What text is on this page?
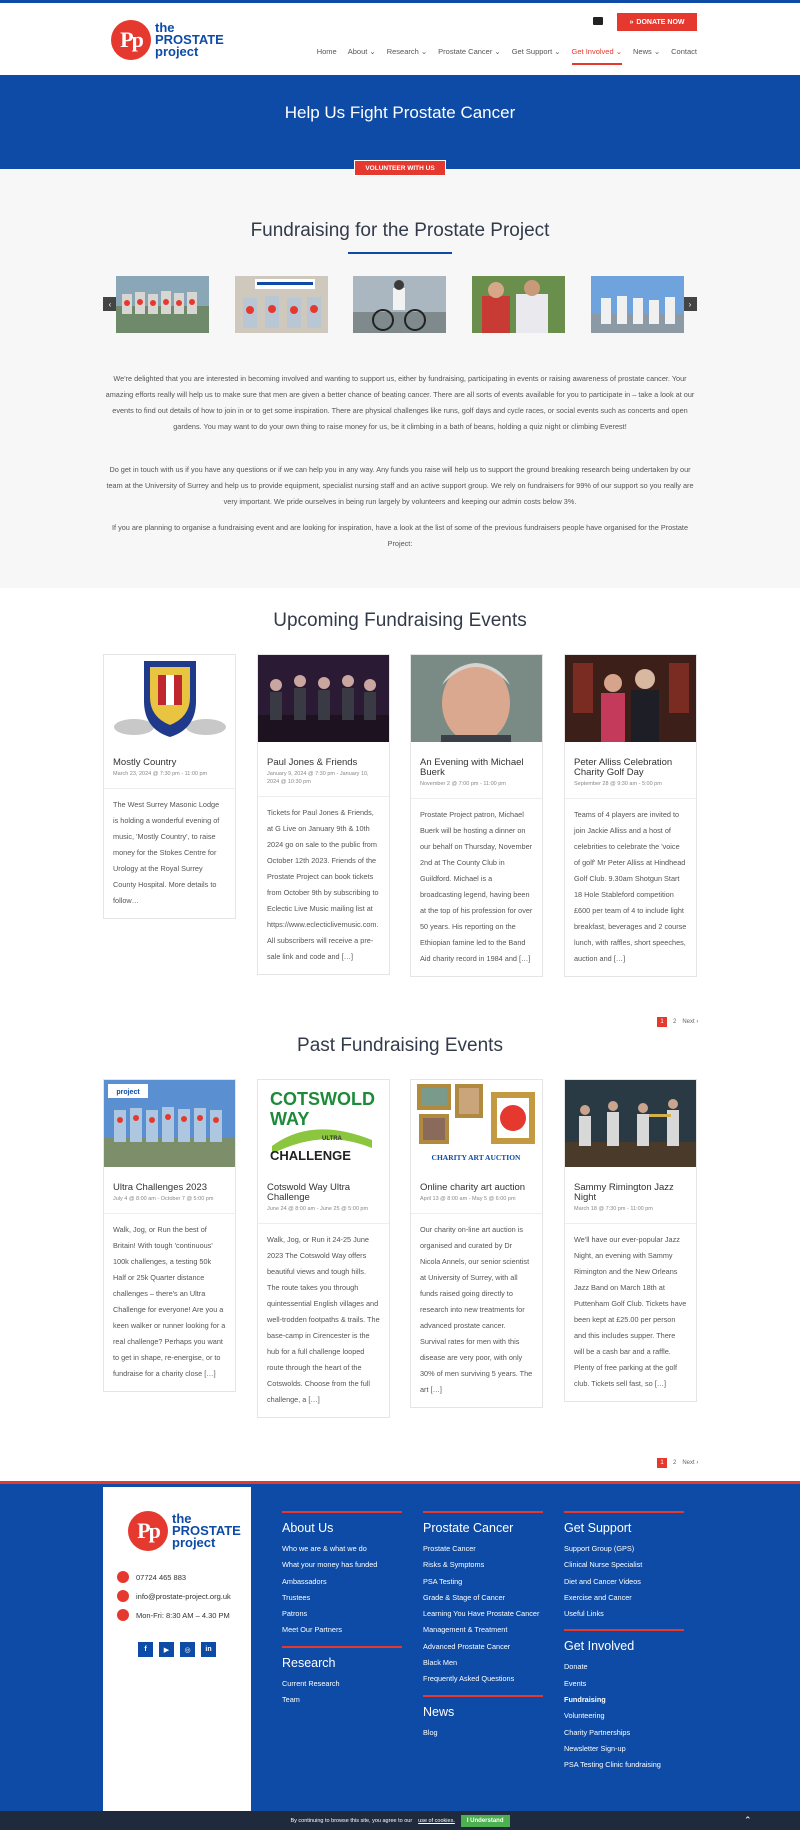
Pp	the
PROSTATE
project
» DONATE NOW
Home About ⌄ Research ⌄ Prostate Cancer ⌄ Get Support ⌄ Get Involved ⌄ News ⌄ Contact
Help Us Fight Prostate Cancer
VOLUNTEER WITH US
Fundraising for the Prostate Project
‹	›

We're delighted that you are interested in becoming involved and wanting to support us, either by fundraising, participating in events or raising awareness of prostate cancer. Your amazing efforts really will help us to make sure that men are given a better chance of beating cancer. There are all sorts of events available for you to participate in – take a look at our events to find out details of how to join in or to get some inspiration. There are physical challenges like runs, golf days and cycle races, or social events such as concerts and open gardens. You may want to do your own thing to raise money for us, be it climbing in a bath of beans, holding a quiz night or climbing Everest!

Do get in touch with us if you have any questions or if we can help you in any way. Any funds you raise will help us to support the ground breaking research being undertaken by our team at the University of Surrey and help us to provide equipment, specialist nursing staff and an active support group. We rely on fundraisers for 99% of our support so you really are very important. We pride ourselves in being run largely by volunteers and keeping our admin costs below 3%.

If you are planning to organise a fundraising event and are looking for inspiration, have a look at the list of some of the previous fundraisers people have organised for the Prostate Project:

Upcoming Fundraising Events
Mostly Country
March 23, 2024 @ 7:30 pm - 11:00 pm
The West Surrey Masonic Lodge is holding a wonderful evening of music, 'Mostly Country', to raise money for the Stokes Centre for Urology at the Royal Surrey County Hospital. More details to follow…
Paul Jones & Friends
January 9, 2024 @ 7:30 pm - January 10, 2024 @ 10:30 pm
Tickets for Paul Jones & Friends, at G Live on January 9th & 10th 2024 go on sale to the public from October 12th 2023. Friends of the Prostate Project can book tickets from October 9th by subscribing to Eclectic Live Music mailing list at https://www.eclecticlivemusic.com. All subscribers will receive a pre-sale link and code and […]
An Evening with Michael Buerk
November 2 @ 7:00 pm - 11:00 pm
Prostate Project patron, Michael Buerk will be hosting a dinner on our behalf on Thursday, November 2nd at The County Club in Guildford. Michael is a broadcasting legend, having been at the top of his profession for over 50 years. His reporting on the Ethiopian famine led to the Band Aid charity record in 1984 and […]
Peter Alliss Celebration Charity Golf Day
September 28 @ 9:30 am - 5:00 pm
Teams of 4 players are invited to join Jackie Alliss and a host of celebrities to celebrate the 'voice of golf' Mr Peter Alliss at Hindhead Golf Club. 9.30am Shotgun Start 18 Hole Stableford competition £600 per team of 4 to include light breakfast, beverages and 2 course lunch, with raffles, short speeches, auction and […]
1	2 Next ›
Past Fundraising Events
project
Ultra Challenges 2023
July 4 @ 8:00 am - October 7 @ 5:00 pm
Walk, Jog, or Run the best of Britain! With tough 'continuous' 100k challenges, a testing 50k Half or 25k Quarter distance challenges – there's an Ultra Challenge for everyone! Are you a keen walker or runner looking for a real challenge? Perhaps you want to get in shape, re-energise, or to fundraise for a charity close […]
COTSWOLD
WAY
ULTRA
CHALLENGE
Cotswold Way Ultra Challenge
June 24 @ 8:00 am - June 25 @ 5:00 pm
Walk, Jog, or Run it 24-25 June 2023 The Cotswold Way offers beautiful views and tough hills. The route takes you through quintessential English villages and well-trodden footpaths & trails. The base-camp in Cirencester is the hub for a full challenge looped route through the heart of the Cotswolds. Choose from the full challenge, a […]
CHARITY ART AUCTION
Online charity art auction
April 13 @ 8:00 am - May 5 @ 6:00 pm
Our charity on-line art auction is organised and curated by Dr Nicola Annels, our senior scientist at University of Surrey, with all funds raised going directly to research into new treatments for advanced prostate cancer. Survival rates for men with this disease are very poor, with only 30% of men surviving 5 years. The art […]
Sammy Rimington Jazz Night
March 18 @ 7:30 pm - 11:00 pm
We'll have our ever-popular Jazz Night, an evening with Sammy Rimington and the New Orleans Jazz Band on March 18th at Puttenham Golf Club. Tickets have been kept at £25.00 per person and this includes supper. There will be a cash bar and a raffle. Plenty of free parking at the golf club. Tickets sell fast, so […]
1	2 Next ›
Pp	the
PROSTATE
project
07724 465 883
info@prostate-project.org.uk
Mon-Fri: 8:30 AM – 4.30 PM
f	▶	◎	in
About Us
Who we are & what we do
What your money has funded
Ambassadors
Trustees
Patrons
Meet Our Partners
Research
Current Research
Team
Prostate Cancer
Prostate Cancer
Risks & Symptoms
PSA Testing
Grade & Stage of Cancer
Learning You Have Prostate Cancer
Management & Treatment
Advanced Prostate Cancer
Black Men
Frequently Asked Questions
News
Blog
Get Support
Support Group (GPS)
Clinical Nurse Specialist
Diet and Cancer Videos
Exercise and Cancer
Useful Links
Get Involved
Donate
Events
Fundraising
Volunteering
Charity Partnerships
Newsletter Sign-up
PSA Testing Clinic fundraising
By continuing to browse this site, you agree to our use of cookies.	I Understand	⌃
